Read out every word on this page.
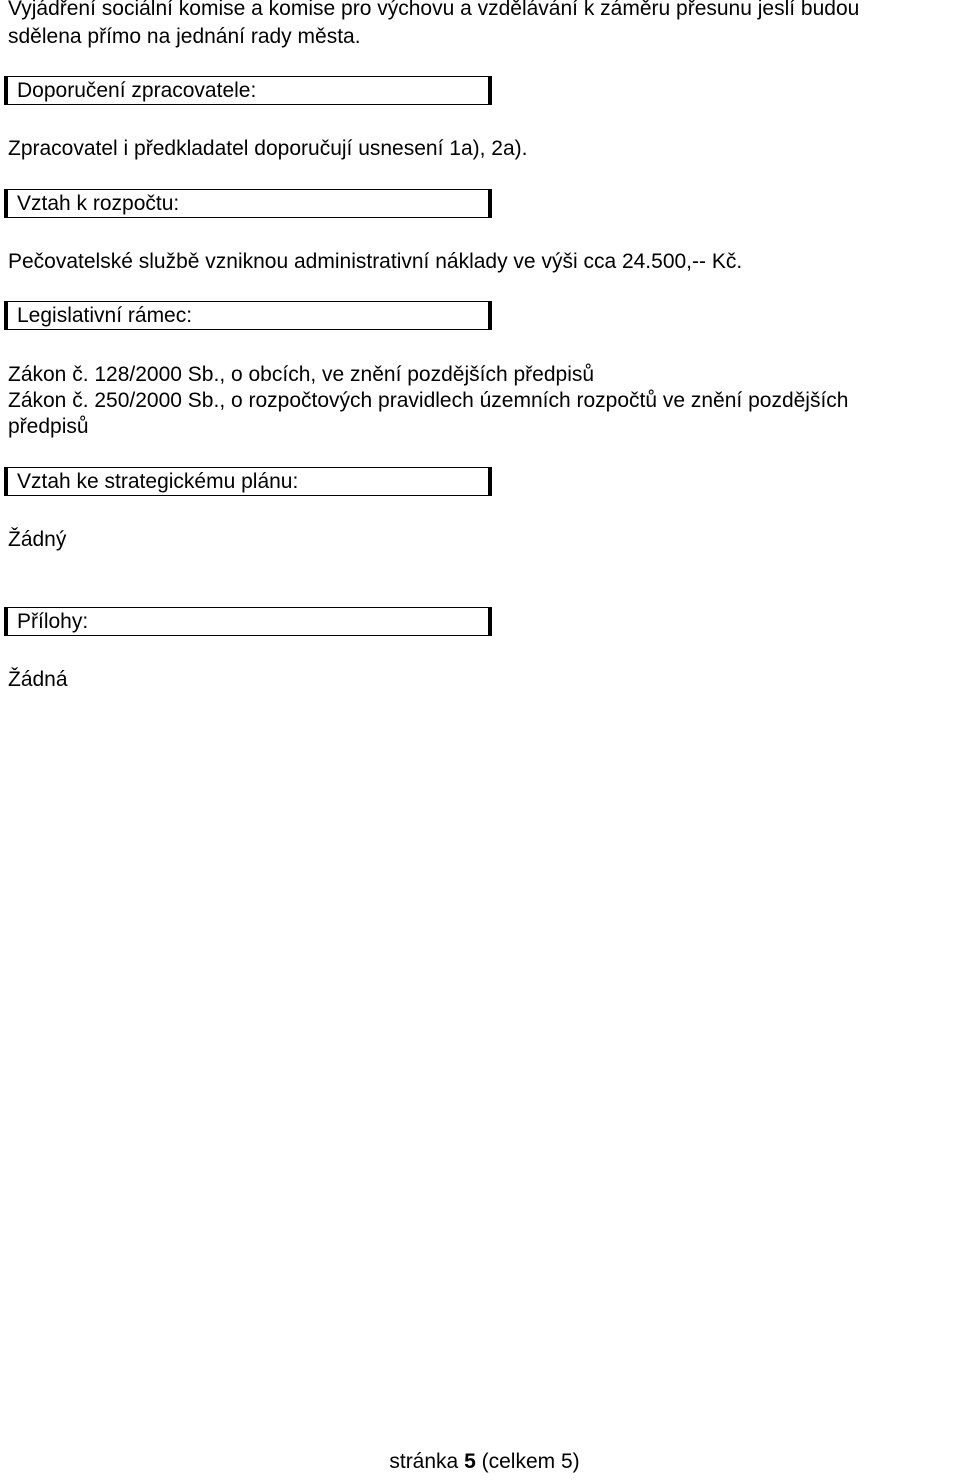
Vyjádření sociální komise a komise pro výchovu a vzdělávání k záměru přesunu jeslí budou

sdělena přímo na jednání rady města.

Doporučení zpracovatele:

Zpracovatel i předkladatel doporučují usnesení 1a), 2a).

Vztah k rozpočtu:

Pečovatelské službě vzniknou administrativní náklady ve výši cca 24.500,-- Kč.

Legislativní rámec:

Zákon č. 128/2000 Sb., o obcích, ve znění pozdějších předpisů

Zákon č. 250/2000 Sb., o rozpočtových pravidlech územních rozpočtů ve znění pozdějších

předpisů

Vztah ke strategickému plánu:

Žádný

Přílohy:

Žádná

stránka 5 (celkem 5)
